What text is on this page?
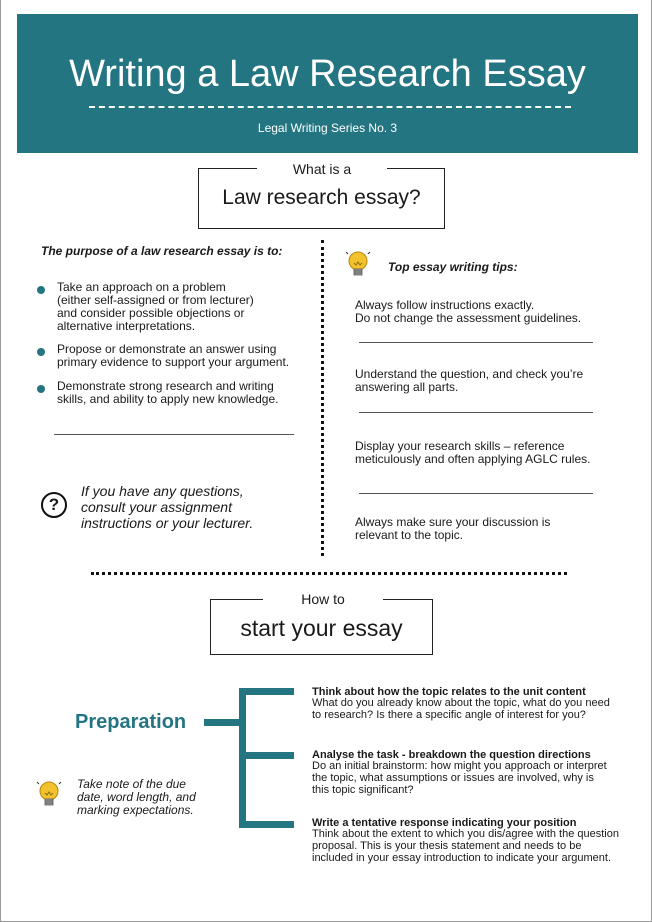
Writing a Law Research Essay
Legal Writing Series No. 3
What is a
Law research essay?
The purpose of a law research essay is to:
Take an approach on a problem
(either self-assigned or from lecturer)
and consider possible objections or
alternative interpretations.
Propose or demonstrate an answer using
primary evidence to support your argument.
Demonstrate strong research and writing
skills, and ability to apply new knowledge.
?
If you have any questions,
consult your assignment
instructions or your lecturer.
Top essay writing tips:
Always follow instructions exactly.
Do not change the assessment guidelines.
Understand the question, and check you’re
answering all parts.
Display your research skills – reference
meticulously and often applying AGLC rules.
Always make sure your discussion is
relevant to the topic.
How to
start your essay
Preparation
Think about how the topic relates to the unit content
What do you already know about the topic, what do you need
to research? Is there a specific angle of interest for you?
Analyse the task - breakdown the question directions
Do an initial brainstorm: how might you approach or interpret
the topic, what assumptions or issues are involved, why is
this topic significant?
Write a tentative response indicating your position
Think about the extent to which you dis/agree with the question
proposal. This is your thesis statement and needs to be
included in your essay introduction to indicate your argument.
Take note of the due
date, word length, and
marking expectations.
